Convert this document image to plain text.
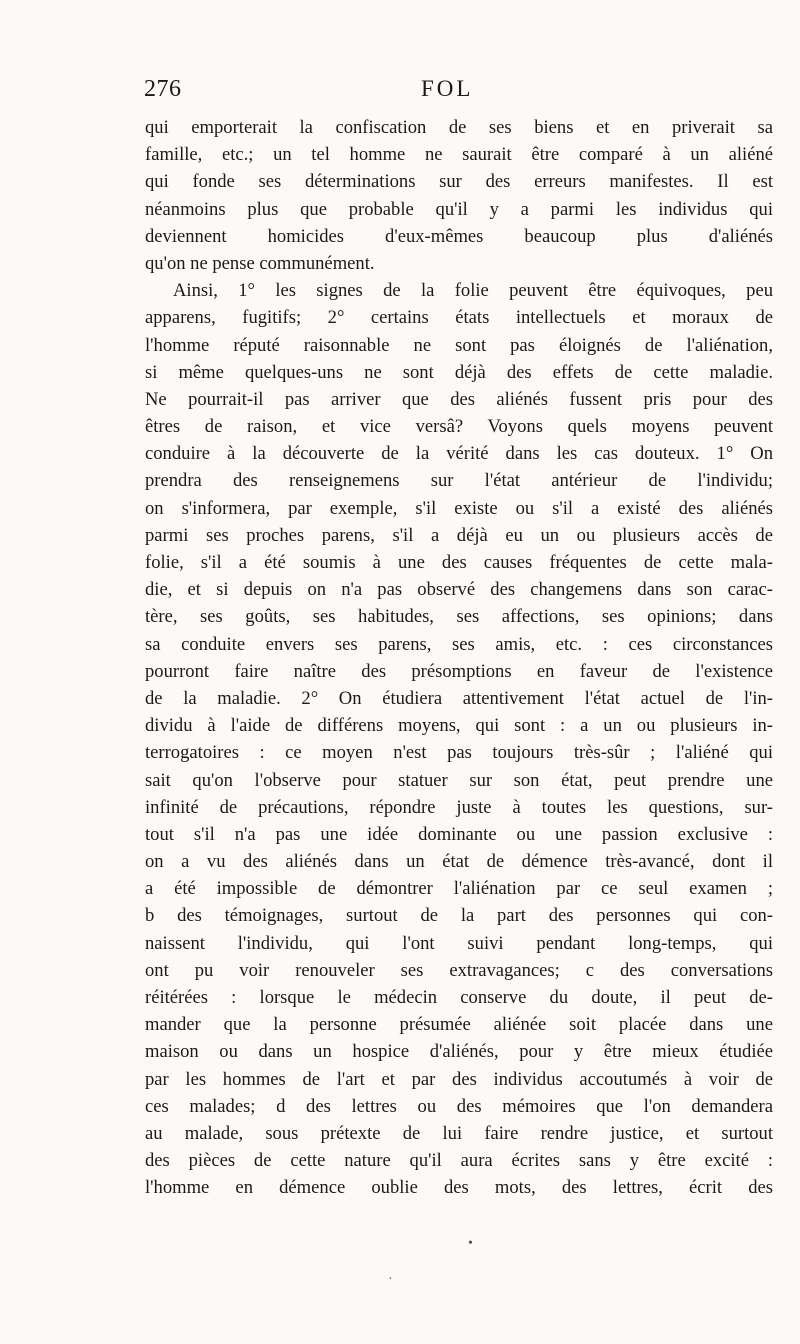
276	FOL
qui emporterait la confiscation de ses biens et en priverait sa
famille, etc.; un tel homme ne saurait être comparé à un aliéné
qui fonde ses déterminations sur des erreurs manifestes. Il est
néanmoins plus que probable qu'il y a parmi les individus qui
deviennent homicides d'eux-mêmes beaucoup plus d'aliénés
qu'on ne pense communément.
Ainsi, 1° les signes de la folie peuvent être équivoques, peu
apparens, fugitifs; 2° certains états intellectuels et moraux de
l'homme réputé raisonnable ne sont pas éloignés de l'aliénation,
si même quelques-uns ne sont déjà des effets de cette maladie.
Ne pourrait-il pas arriver que des aliénés fussent pris pour des
êtres de raison, et vice versâ? Voyons quels moyens peuvent
conduire à la découverte de la vérité dans les cas douteux. 1° On
prendra des renseignemens sur l'état antérieur de l'individu;
on s'informera, par exemple, s'il existe ou s'il a existé des aliénés
parmi ses proches parens, s'il a déjà eu un ou plusieurs accès de
folie, s'il a été soumis à une des causes fréquentes de cette mala-
die, et si depuis on n'a pas observé des changemens dans son carac-
tère, ses goûts, ses habitudes, ses affections, ses opinions; dans
sa conduite envers ses parens, ses amis, etc. : ces circonstances
pourront faire naître des présomptions en faveur de l'existence
de la maladie. 2° On étudiera attentivement l'état actuel de l'in-
dividu à l'aide de différens moyens, qui sont : a un ou plusieurs in-
terrogatoires : ce moyen n'est pas toujours très-sûr ; l'aliéné qui
sait qu'on l'observe pour statuer sur son état, peut prendre une
infinité de précautions, répondre juste à toutes les questions, sur-
tout s'il n'a pas une idée dominante ou une passion exclusive :
on a vu des aliénés dans un état de démence très-avancé, dont il
a été impossible de démontrer l'aliénation par ce seul examen ;
b des témoignages, surtout de la part des personnes qui con-
naissent l'individu, qui l'ont suivi pendant long-temps, qui
ont pu voir renouveler ses extravagances; c des conversations
réitérées : lorsque le médecin conserve du doute, il peut de-
mander que la personne présumée aliénée soit placée dans une
maison ou dans un hospice d'aliénés, pour y être mieux étudiée
par les hommes de l'art et par des individus accoutumés à voir de
ces malades; d des lettres ou des mémoires que l'on demandera
au malade, sous prétexte de lui faire rendre justice, et surtout
des pièces de cette nature qu'il aura écrites sans y être excité :
l'homme en démence oublie des mots, des lettres, écrit des
•
·
